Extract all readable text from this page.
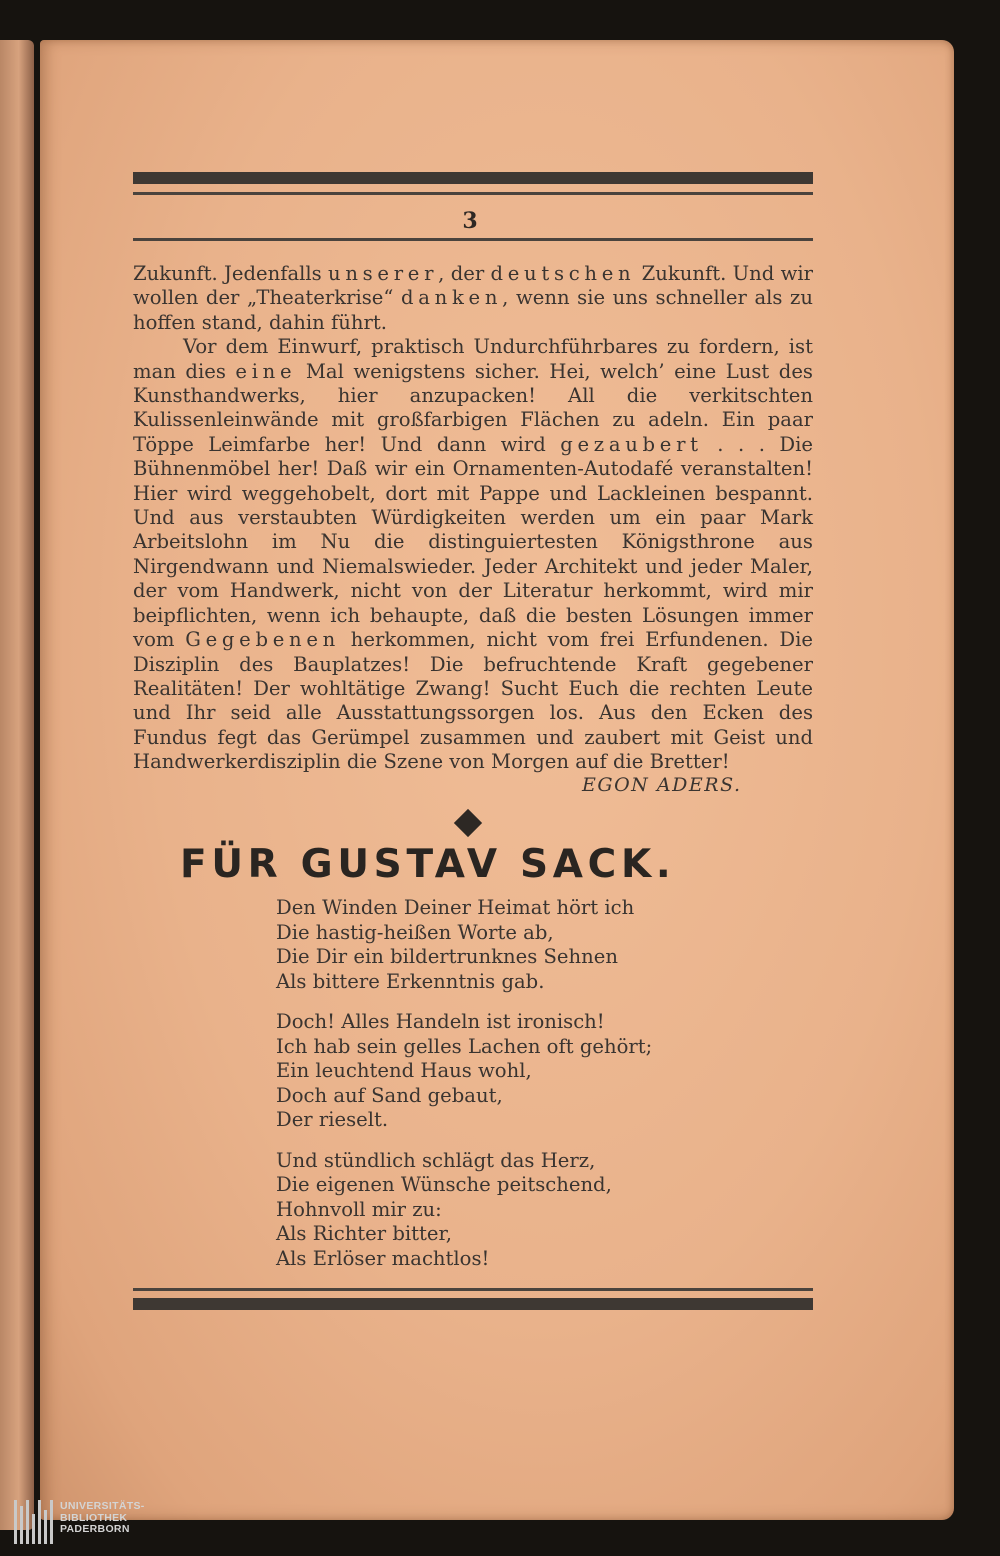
3

Zukunft. Jedenfalls unserer, der deutschen Zukunft. Und wir wollen der „Theaterkrise“ danken, wenn sie uns schneller als zu hoffen stand, dahin führt.

Vor dem Einwurf, praktisch Undurchführbares zu fordern, ist man dies eine Mal wenigstens sicher. Hei, welch’ eine Lust des Kunsthandwerks, hier anzupacken! All die verkitschten Kulissenleinwände mit großfarbigen Flächen zu adeln. Ein paar Töppe Leimfarbe her! Und dann wird gezaubert . . . Die Bühnenmöbel her! Daß wir ein Ornamenten-Autodafé veranstalten! Hier wird weggehobelt, dort mit Pappe und Lackleinen bespannt. Und aus verstaubten Würdigkeiten werden um ein paar Mark Arbeitslohn im Nu die distinguiertesten Königsthrone aus Nirgendwann und Niemalswieder. Jeder Architekt und jeder Maler, der vom Handwerk, nicht von der Literatur herkommt, wird mir beipflichten, wenn ich behaupte, daß die besten Lösungen immer vom Gegebenen herkommen, nicht vom frei Erfundenen. Die Disziplin des Bauplatzes! Die befruchtende Kraft gegebener Realitäten! Der wohltätige Zwang! Sucht Euch die rechten Leute und Ihr seid alle Ausstattungssorgen los. Aus den Ecken des Fundus fegt das Gerümpel zusammen und zaubert mit Geist und Handwerkerdisziplin die Szene von Morgen auf die Bretter!

EGON ADERS.
FÜR GUSTAV SACK.
Den Winden Deiner Heimat hört ich
Die hastig-heißen Worte ab,
Die Dir ein bildertrunknes Sehnen
Als bittere Erkenntnis gab.
Doch! Alles Handeln ist ironisch!
Ich hab sein gelles Lachen oft gehört;
Ein leuchtend Haus wohl,
Doch auf Sand gebaut,
Der rieselt.
Und stündlich schlägt das Herz,
Die eigenen Wünsche peitschend,
Hohnvoll mir zu:
Als Richter bitter,
Als Erlöser machtlos!
UNIVERSITÄTS-
BIBLIOTHEK
PADERBORN
